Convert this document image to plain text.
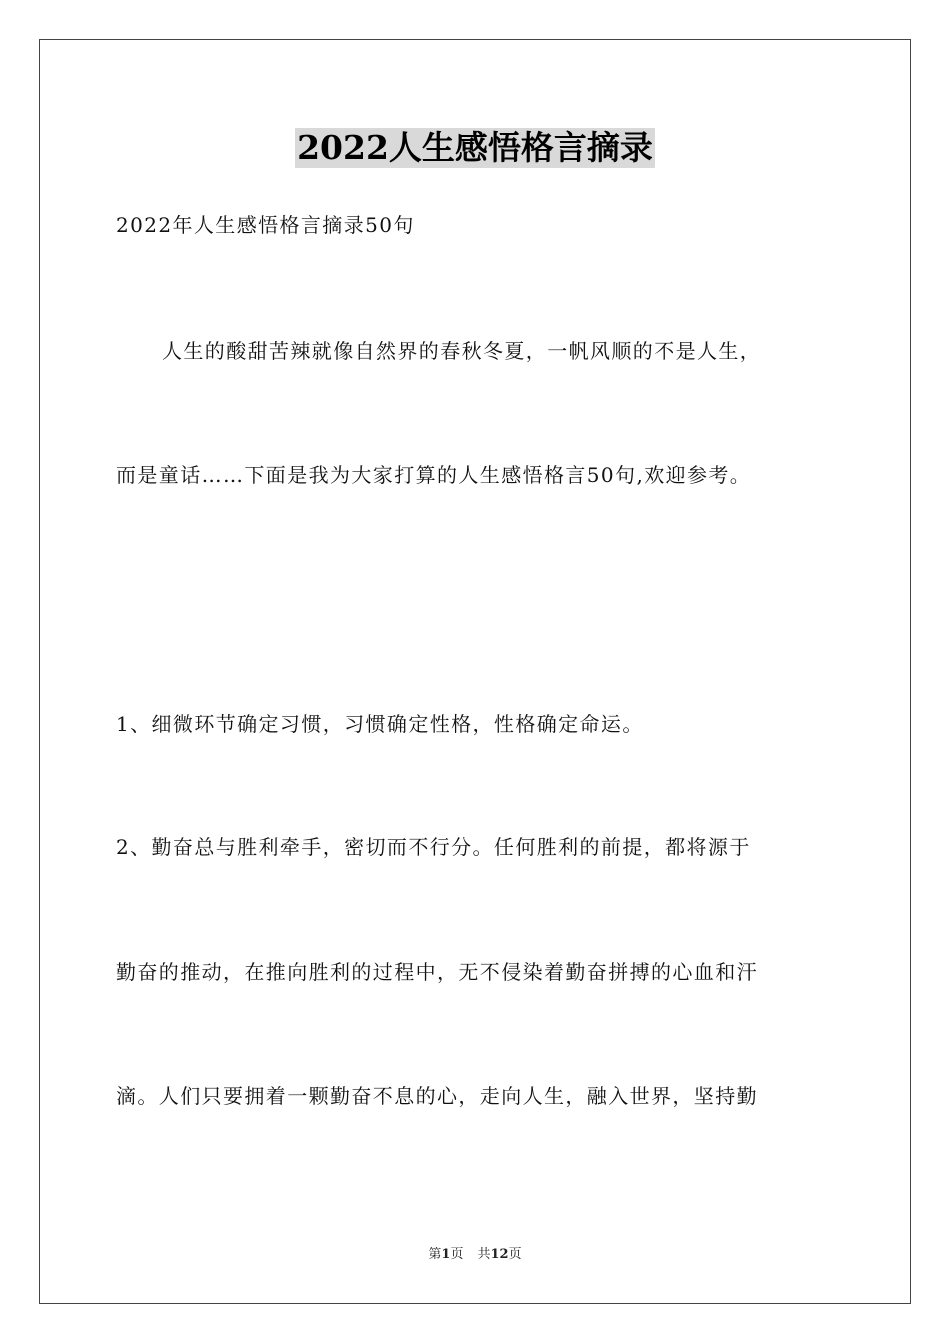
2022人生感悟格言摘录
2022年人生感悟格言摘录50句
人生的酸甜苦辣就像自然界的春秋冬夏，一帆风顺的不是人生，
而是童话……下面是我为大家打算的人生感悟格言50句,欢迎参考。
1、细微环节确定习惯，习惯确定性格，性格确定命运。
2、勤奋总与胜利牵手，密切而不行分。任何胜利的前提，都将源于
勤奋的推动，在推向胜利的过程中，无不侵染着勤奋拼搏的心血和汗
滴。人们只要拥着一颗勤奋不息的心，走向人生，融入世界，坚持勤
第1页 共12页
